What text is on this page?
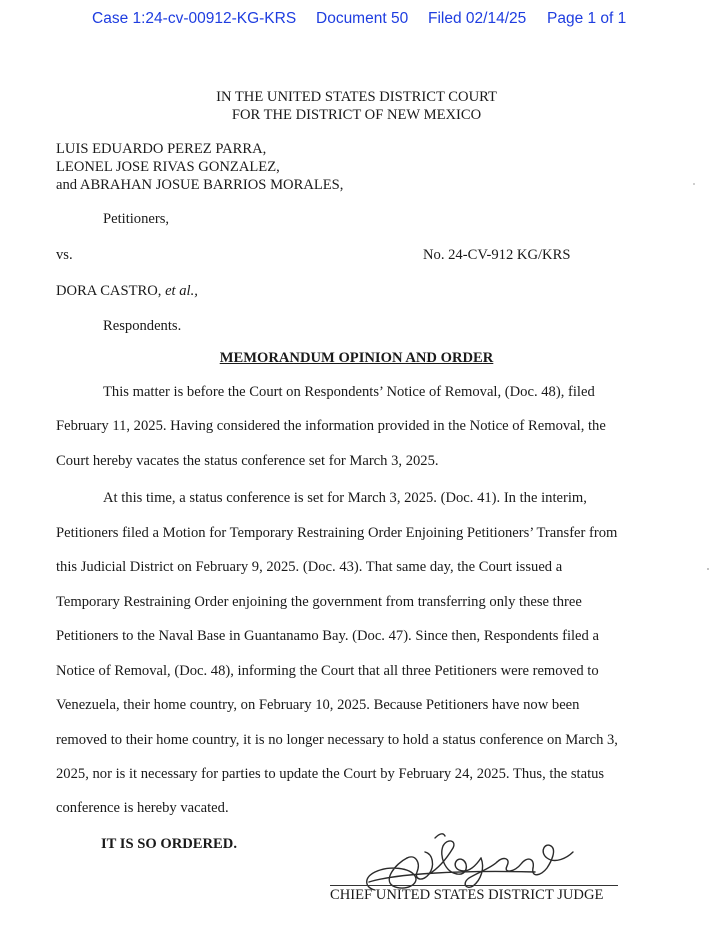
Case 1:24-cv-00912-KG-KRS Document 50 Filed 02/14/25 Page 1 of 1
IN THE UNITED STATES DISTRICT COURT
FOR THE DISTRICT OF NEW MEXICO
LUIS EDUARDO PEREZ PARRA,
LEONEL JOSE RIVAS GONZALEZ,
and ABRAHAN JOSUE BARRIOS MORALES,
Petitioners,
vs.	No. 24-CV-912 KG/KRS
DORA CASTRO, et al.,
Respondents.
MEMORANDUM OPINION AND ORDER
This matter is before the Court on Respondents’ Notice of Removal, (Doc. 48), filed
February 11, 2025. Having considered the information provided in the Notice of Removal, the
Court hereby vacates the status conference set for March 3, 2025.
At this time, a status conference is set for March 3, 2025. (Doc. 41). In the interim,
Petitioners filed a Motion for Temporary Restraining Order Enjoining Petitioners’ Transfer from
this Judicial District on February 9, 2025. (Doc. 43). That same day, the Court issued a
Temporary Restraining Order enjoining the government from transferring only these three
Petitioners to the Naval Base in Guantanamo Bay. (Doc. 47). Since then, Respondents filed a
Notice of Removal, (Doc. 48), informing the Court that all three Petitioners were removed to
Venezuela, their home country, on February 10, 2025. Because Petitioners have now been
removed to their home country, it is no longer necessary to hold a status conference on March 3,
2025, nor is it necessary for parties to update the Court by February 24, 2025. Thus, the status
conference is hereby vacated.
IT IS SO ORDERED.
CHIEF UNITED STATES DISTRICT JUDGE
